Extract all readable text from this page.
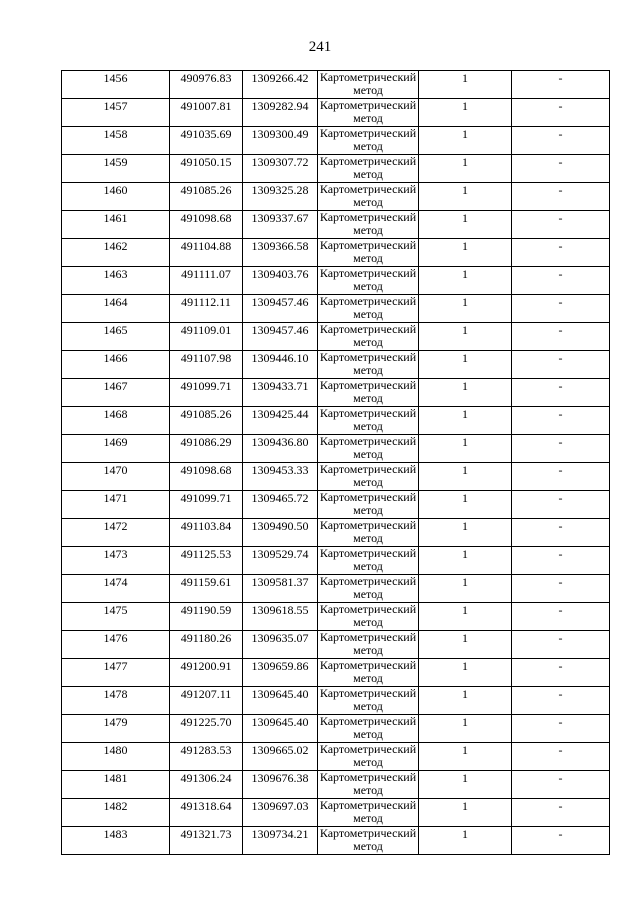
241
1456	490976.83	1309266.42	Картометрический метод	1	-
1457	491007.81	1309282.94	Картометрический метод	1	-
1458	491035.69	1309300.49	Картометрический метод	1	-
1459	491050.15	1309307.72	Картометрический метод	1	-
1460	491085.26	1309325.28	Картометрический метод	1	-
1461	491098.68	1309337.67	Картометрический метод	1	-
1462	491104.88	1309366.58	Картометрический метод	1	-
1463	491111.07	1309403.76	Картометрический метод	1	-
1464	491112.11	1309457.46	Картометрический метод	1	-
1465	491109.01	1309457.46	Картометрический метод	1	-
1466	491107.98	1309446.10	Картометрический метод	1	-
1467	491099.71	1309433.71	Картометрический метод	1	-
1468	491085.26	1309425.44	Картометрический метод	1	-
1469	491086.29	1309436.80	Картометрический метод	1	-
1470	491098.68	1309453.33	Картометрический метод	1	-
1471	491099.71	1309465.72	Картометрический метод	1	-
1472	491103.84	1309490.50	Картометрический метод	1	-
1473	491125.53	1309529.74	Картометрический метод	1	-
1474	491159.61	1309581.37	Картометрический метод	1	-
1475	491190.59	1309618.55	Картометрический метод	1	-
1476	491180.26	1309635.07	Картометрический метод	1	-
1477	491200.91	1309659.86	Картометрический метод	1	-
1478	491207.11	1309645.40	Картометрический метод	1	-
1479	491225.70	1309645.40	Картометрический метод	1	-
1480	491283.53	1309665.02	Картометрический метод	1	-
1481	491306.24	1309676.38	Картометрический метод	1	-
1482	491318.64	1309697.03	Картометрический метод	1	-
1483	491321.73	1309734.21	Картометрический метод	1	-
